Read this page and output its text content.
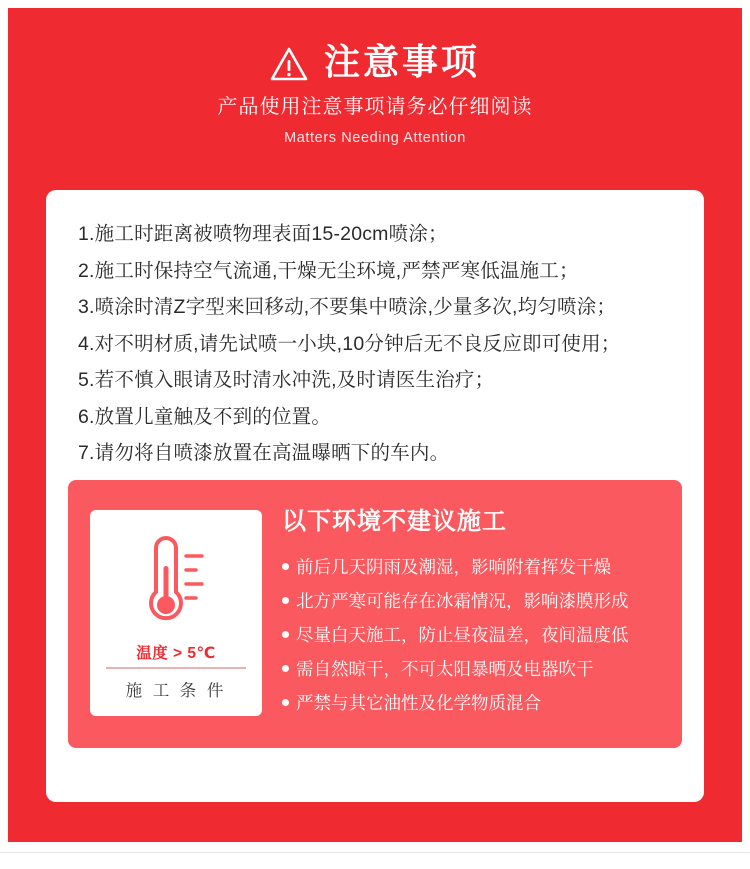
注意事项
产品使用注意事项请务必仔细阅读
Matters Needing Attention
1.施工时距离被喷物理表面15-20cm喷涂；
2.施工时保持空气流通,干燥无尘环境,严禁严寒低温施工；
3.喷涂时清Z字型来回移动,不要集中喷涂,少量多次,均匀喷涂；
4.对不明材质,请先试喷一小块,10分钟后无不良反应即可使用；
5.若不慎入眼请及时清水冲洗,及时请医生治疗；
6.放置儿童触及不到的位置。
7.请勿将自喷漆放置在高温曝晒下的车内。
温度 > 5℃
施 工 条 件
以下环境不建议施工
前后几天阴雨及潮湿，影响附着挥发干燥
北方严寒可能存在冰霜情况，影响漆膜形成
尽量白天施工，防止昼夜温差，夜间温度低
需自然晾干，不可太阳暴晒及电器吹干
严禁与其它油性及化学物质混合
